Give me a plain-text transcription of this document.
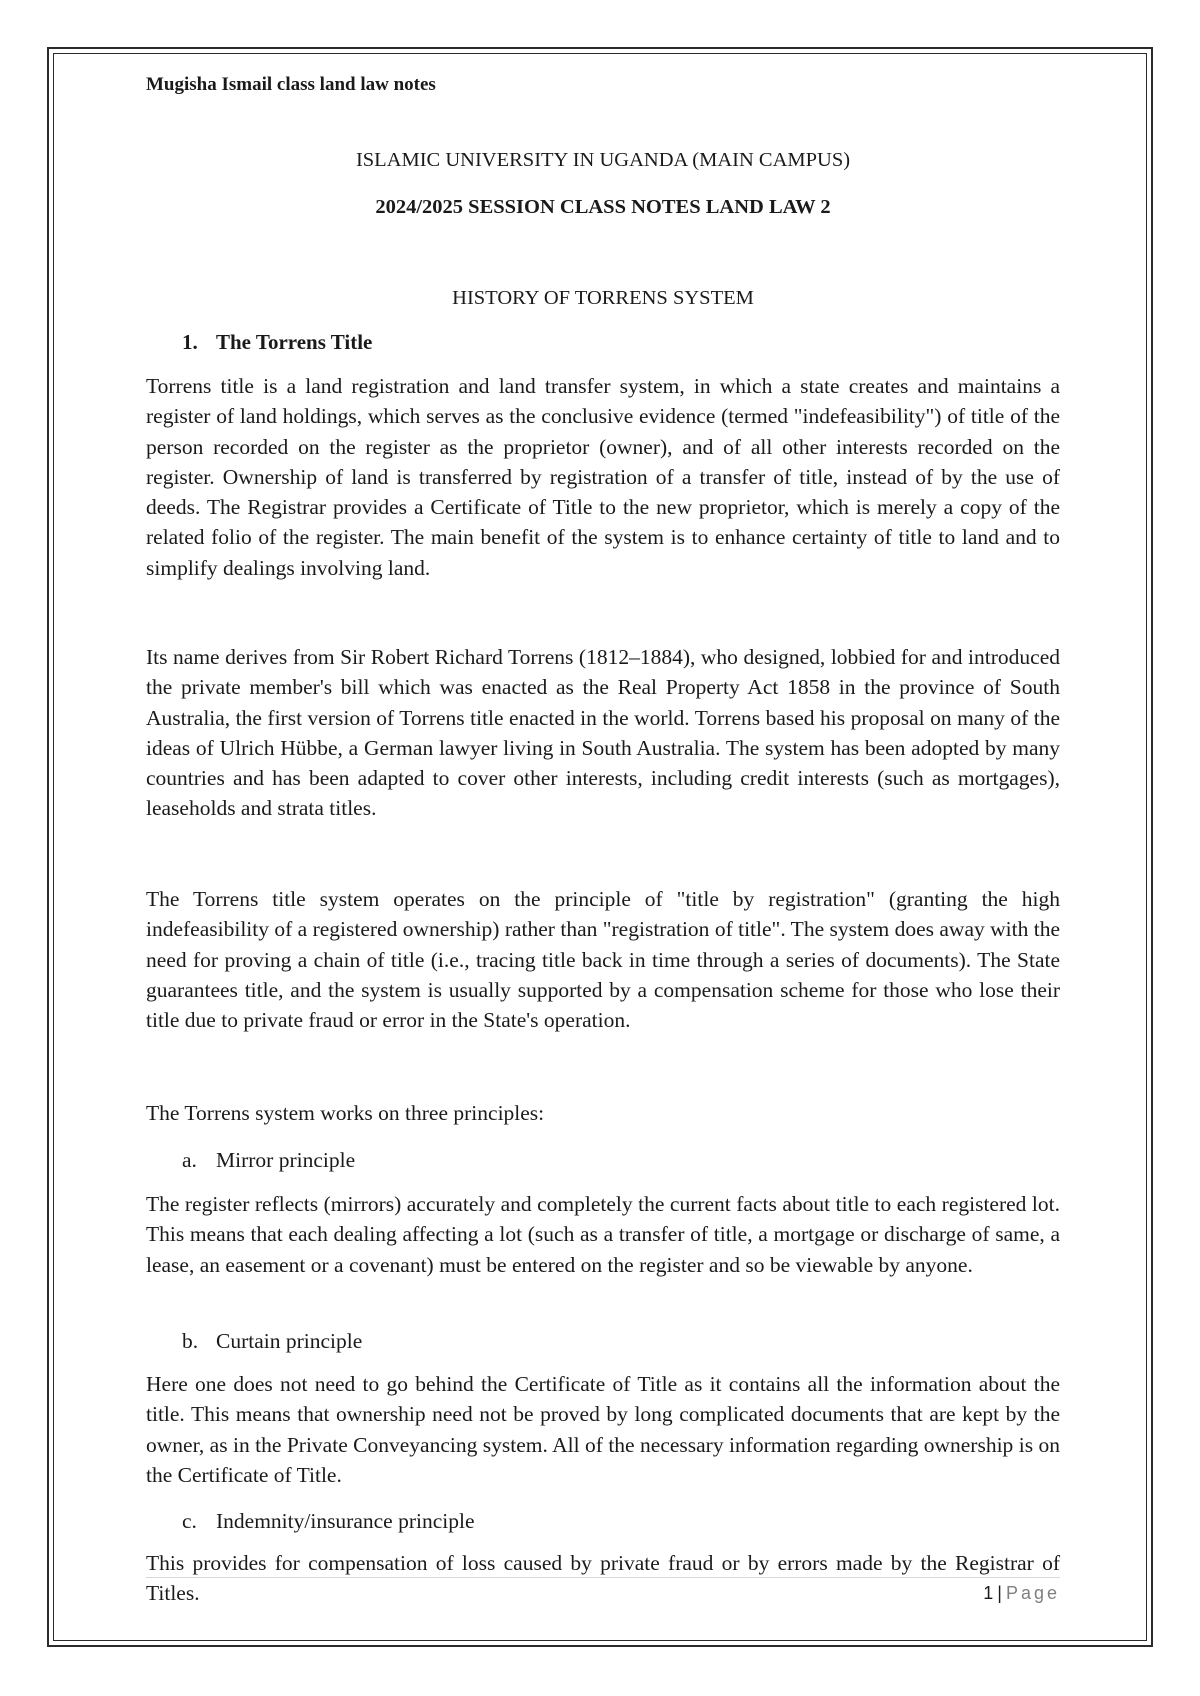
Mugisha Ismail class land law notes

ISLAMIC UNIVERSITY IN UGANDA (MAIN CAMPUS)
2024/2025 SESSION CLASS NOTES LAND LAW 2
HISTORY OF TORRENS SYSTEM
1. The Torrens Title

Torrens title is a land registration and land transfer system, in which a state creates and maintains a register of land holdings, which serves as the conclusive evidence (termed "indefeasibility") of title of the person recorded on the register as the proprietor (owner), and of all other interests recorded on the register. Ownership of land is transferred by registration of a transfer of title, instead of by the use of deeds. The Registrar provides a Certificate of Title to the new proprietor, which is merely a copy of the related folio of the register. The main benefit of the system is to enhance certainty of title to land and to simplify dealings involving land.

Its name derives from Sir Robert Richard Torrens (1812–1884), who designed, lobbied for and introduced the private member's bill which was enacted as the Real Property Act 1858 in the province of South Australia, the first version of Torrens title enacted in the world. Torrens based his proposal on many of the ideas of Ulrich Hübbe, a German lawyer living in South Australia. The system has been adopted by many countries and has been adapted to cover other interests, including credit interests (such as mortgages), leaseholds and strata titles.

The Torrens title system operates on the principle of "title by registration" (granting the high indefeasibility of a registered ownership) rather than "registration of title". The system does away with the need for proving a chain of title (i.e., tracing title back in time through a series of documents). The State guarantees title, and the system is usually supported by a compensation scheme for those who lose their title due to private fraud or error in the State's operation.

The Torrens system works on three principles:

a. Mirror principle

The register reflects (mirrors) accurately and completely the current facts about title to each registered lot. This means that each dealing affecting a lot (such as a transfer of title, a mortgage or discharge of same, a lease, an easement or a covenant) must be entered on the register and so be viewable by anyone.

b. Curtain principle

Here one does not need to go behind the Certificate of Title as it contains all the information about the title. This means that ownership need not be proved by long complicated documents that are kept by the owner, as in the Private Conveyancing system. All of the necessary information regarding ownership is on the Certificate of Title.

c. Indemnity/insurance principle

This provides for compensation of loss caused by private fraud or by errors made by the Registrar of Titles.	1 | Page
